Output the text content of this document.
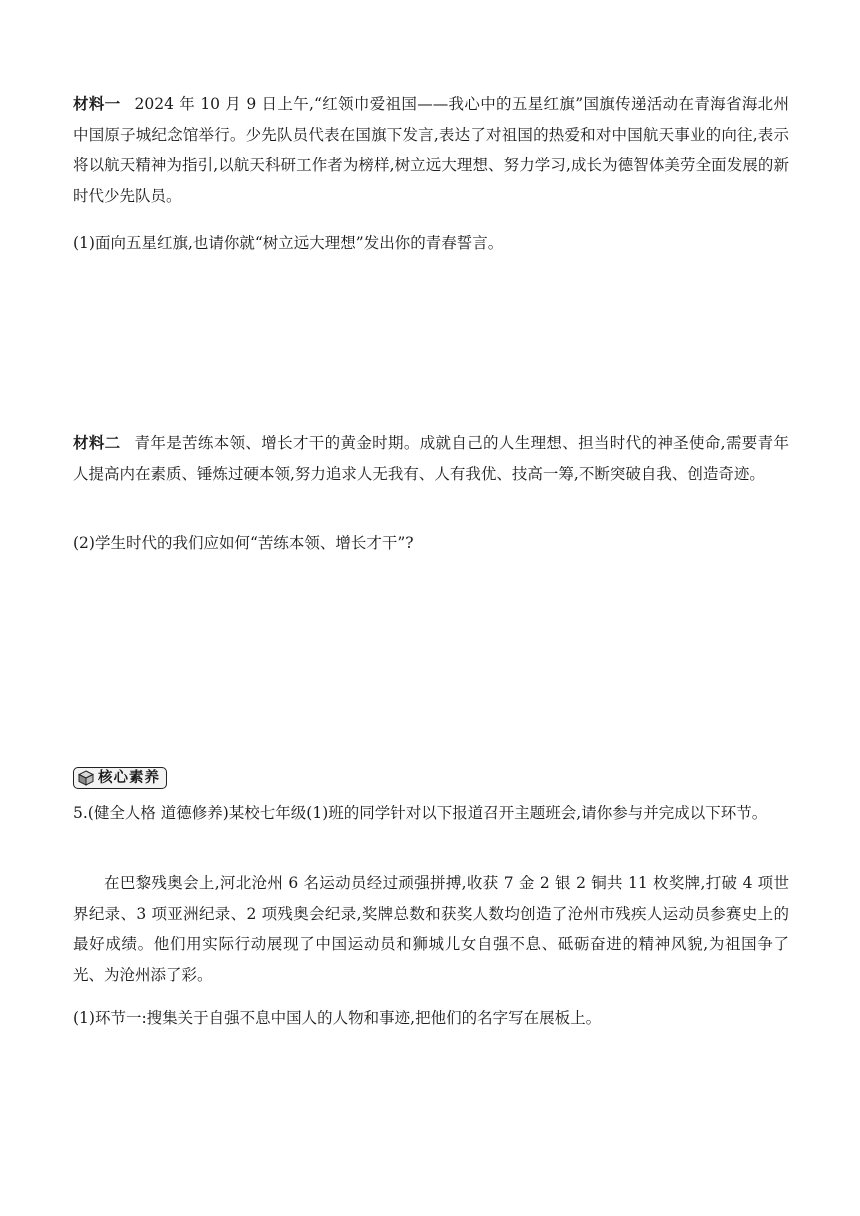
材料一 2024 年 10 月 9 日上午,“红领巾爱祖国——我心中的五星红旗”国旗传递活动在青海省海北州中国原子城纪念馆举行。少先队员代表在国旗下发言,表达了对祖国的热爱和对中国航天事业的向往,表示将以航天精神为指引,以航天科研工作者为榜样,树立远大理想、努力学习,成长为德智体美劳全面发展的新时代少先队员。
(1)面向五星红旗,也请你就“树立远大理想”发出你的青春誓言。
材料二 青年是苦练本领、增长才干的黄金时期。成就自己的人生理想、担当时代的神圣使命,需要青年人提高内在素质、锤炼过硬本领,努力追求人无我有、人有我优、技高一筹,不断突破自我、创造奇迹。
(2)学生时代的我们应如何“苦练本领、增长才干”?
核心素养
5.(健全人格 道德修养)某校七年级(1)班的同学针对以下报道召开主题班会,请你参与并完成以下环节。
在巴黎残奥会上,河北沧州 6 名运动员经过顽强拼搏,收获 7 金 2 银 2 铜共 11 枚奖牌,打破 4 项世界纪录、3 项亚洲纪录、2 项残奥会纪录,奖牌总数和获奖人数均创造了沧州市残疾人运动员参赛史上的最好成绩。他们用实际行动展现了中国运动员和狮城儿女自强不息、砥砺奋进的精神风貌,为祖国争了光、为沧州添了彩。
(1)环节一:搜集关于自强不息中国人的人物和事迹,把他们的名字写在展板上。
